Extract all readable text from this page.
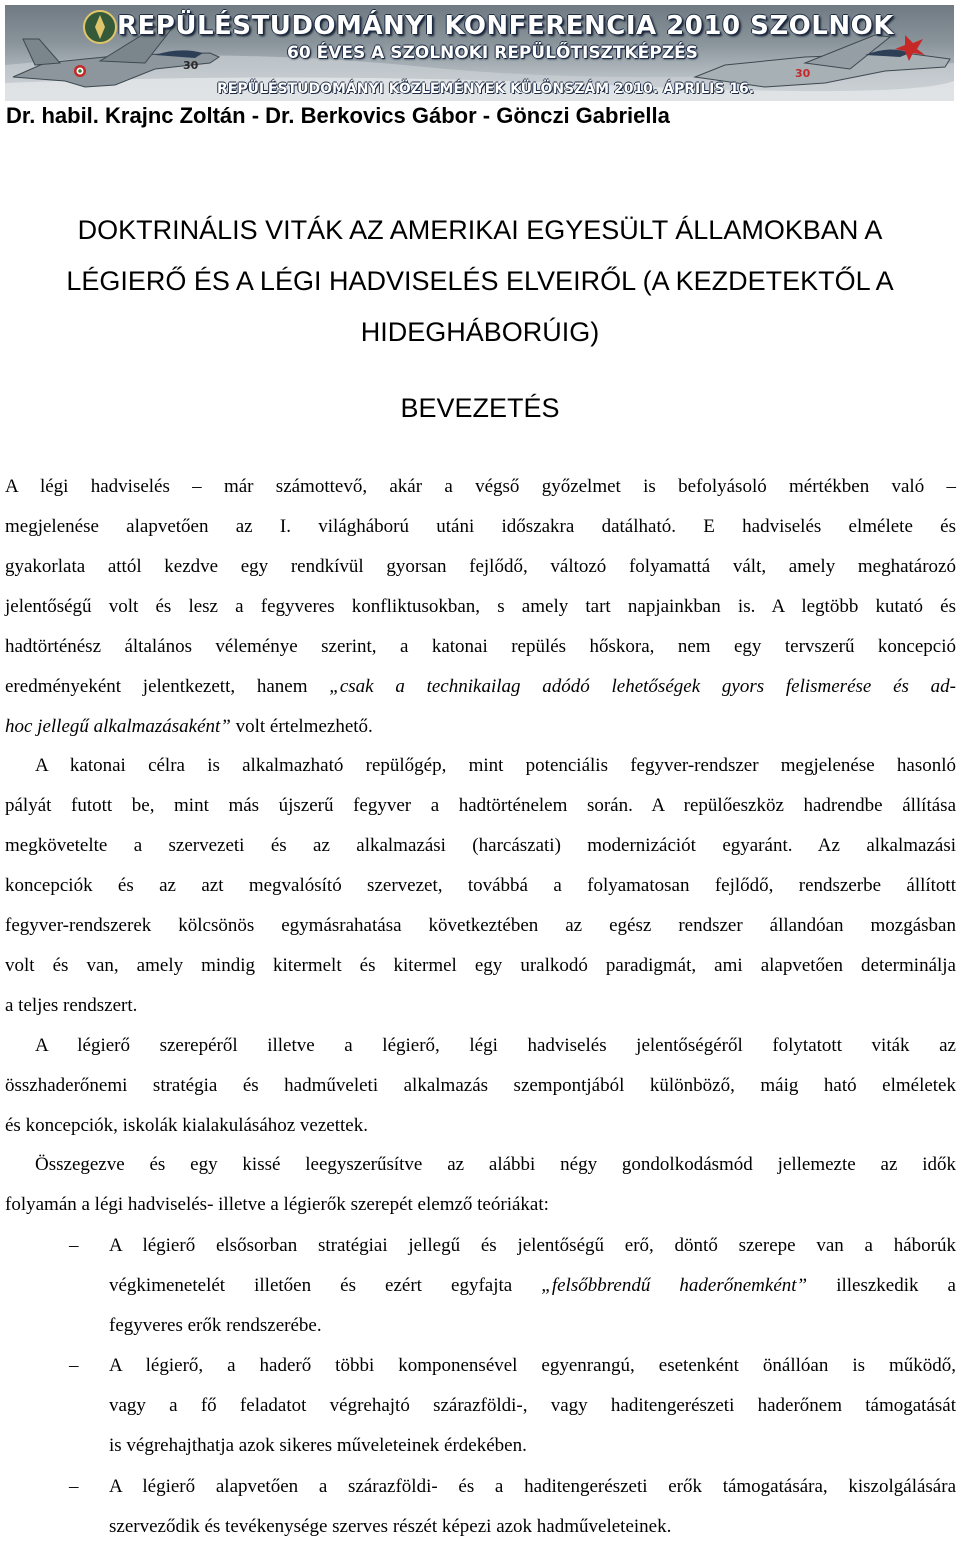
30
30
REPÜLÉSTUDOMÁNYI KONFERENCIA 2010 SZOLNOK
60 ÉVES A SZOLNOKI REPÜLŐTISZTKÉPZÉS
REPÜLÉSTUDOMÁNYI KÖZLEMÉNYEK KÜLÖNSZÁM 2010. ÁPRILIS 16.
Dr. habil. Krajnc Zoltán - Dr. Berkovics Gábor - Gönczi Gabriella
DOKTRINÁLIS VITÁK AZ AMERIKAI EGYESÜLT ÁLLAMOKBAN A
LÉGIERŐ ÉS A LÉGI HADVISELÉS ELVEIRŐL (A KEZDETEKTŐL A
HIDEGHÁBORÚIG)
BEVEZETÉS
A légi hadviselés – már számottevő, akár a végső győzelmet is befolyásoló mértékben való –
megjelenése alapvetően az I. világháború utáni időszakra datálható. E hadviselés elmélete és
gyakorlata attól kezdve egy rendkívül gyorsan fejlődő, változó folyamattá vált, amely meghatározó
jelentőségű volt és lesz a fegyveres konfliktusokban, s amely tart napjainkban is. A legtöbb kutató és
hadtörténész általános véleménye szerint, a katonai repülés hőskora, nem egy tervszerű koncepció
eredményeként jelentkezett, hanem „csak a technikailag adódó lehetőségek gyors felismerése és ad-
hoc jellegű alkalmazásaként” volt értelmezhető.
A katonai célra is alkalmazható repülőgép, mint potenciális fegyver-rendszer megjelenése hasonló
pályát futott be, mint más újszerű fegyver a hadtörténelem során. A repülőeszköz hadrendbe állítása
megkövetelte a szervezeti és az alkalmazási (harcászati) modernizációt egyaránt. Az alkalmazási
koncepciók és az azt megvalósító szervezet, továbbá a folyamatosan fejlődő, rendszerbe állított
fegyver-rendszerek kölcsönös egymásrahatása következtében az egész rendszer állandóan mozgásban
volt és van, amely mindig kitermelt és kitermel egy uralkodó paradigmát, ami alapvetően determinálja
a teljes rendszert.
A légierő szerepéről illetve a légierő, légi hadviselés jelentőségéről folytatott viták az
összhaderőnemi stratégia és hadműveleti alkalmazás szempontjából különböző, máig ható elméletek
és koncepciók, iskolák kialakulásához vezettek.
Összegezve és egy kissé leegyszerűsítve az alábbi négy gondolkodásmód jellemezte az idők
folyamán a légi hadviselés- illetve a légierők szerepét elemző teóriákat:
– A légierő elsősorban stratégiai jellegű és jelentőségű erő, döntő szerepe van a háborúk
végkimenetelét illetően és ezért egyfajta „felsőbbrendű haderőnemként” illeszkedik a
fegyveres erők rendszerébe.
– A légierő, a haderő többi komponensével egyenrangú, esetenként önállóan is működő,
vagy a fő feladatot végrehajtó szárazföldi-, vagy haditengerészeti haderőnem támogatását
is végrehajthatja azok sikeres műveleteinek érdekében.
– A légierő alapvetően a szárazföldi- és a haditengerészeti erők támogatására, kiszolgálására
szerveződik és tevékenysége szerves részét képezi azok hadműveleteinek.
